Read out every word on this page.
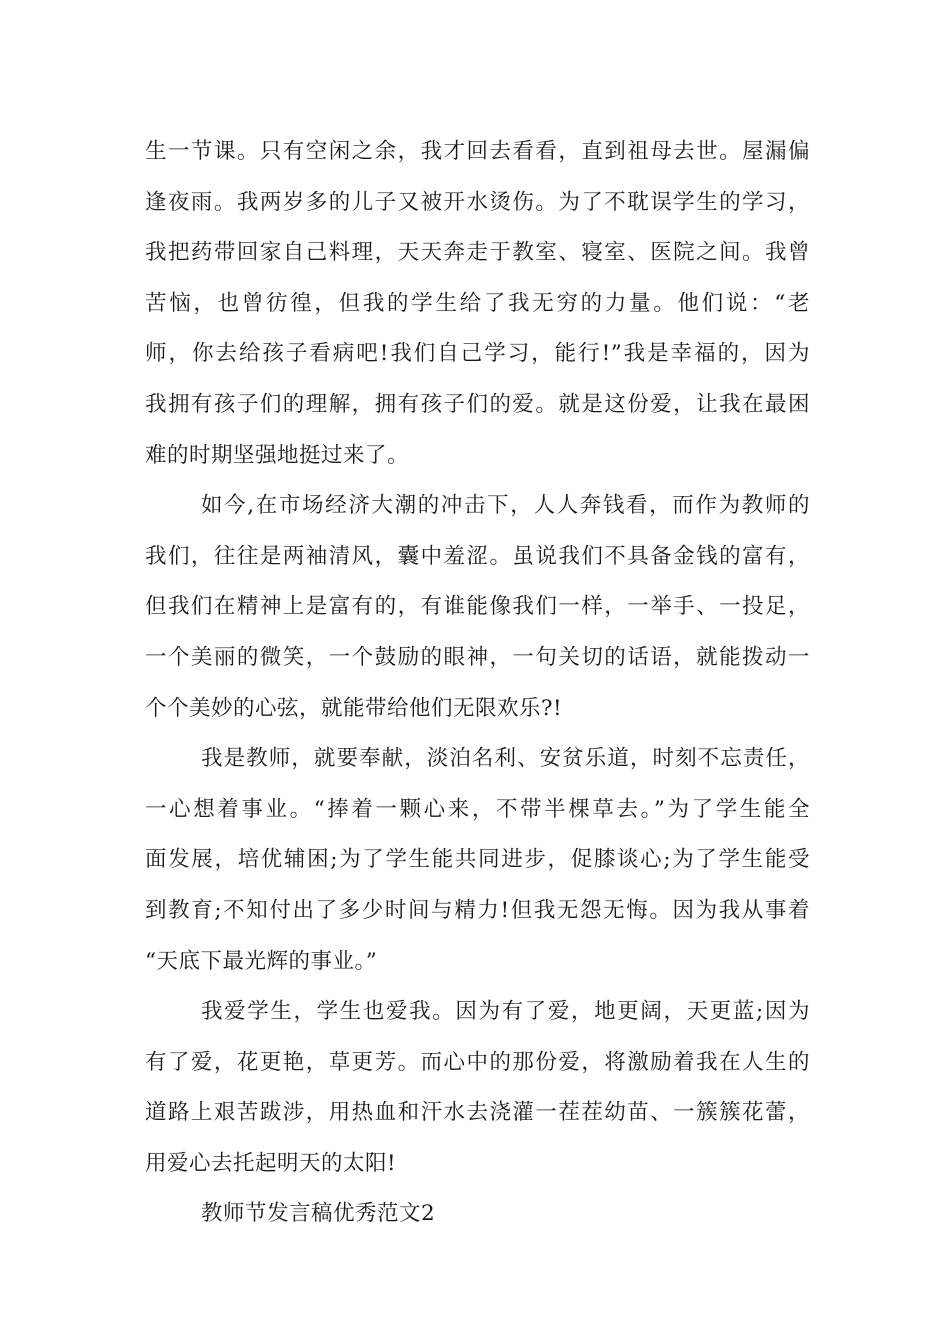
生一节课。只有空闲之余，我才回去看看，直到祖母去世。屋漏偏
逢夜雨。我两岁多的儿子又被开水烫伤。为了不耽误学生的学习，
我把药带回家自己料理，天天奔走于教室、寝室、医院之间。我曾
苦恼，也曾彷徨，但我的学生给了我无穷的力量。他们说：“老
师，你去给孩子看病吧!我们自己学习，能行!”我是幸福的，因为
我拥有孩子们的理解，拥有孩子们的爱。就是这份爱，让我在最困
难的时期坚强地挺过来了。
如今,在市场经济大潮的冲击下，人人奔钱看，而作为教师的
我们，往往是两袖清风，囊中羞涩。虽说我们不具备金钱的富有，
但我们在精神上是富有的，有谁能像我们一样，一举手、一投足，
一个美丽的微笑，一个鼓励的眼神，一句关切的话语，就能拨动一
个个美妙的心弦，就能带给他们无限欢乐?!
我是教师，就要奉献，淡泊名利、安贫乐道，时刻不忘责任，
一心想着事业。“捧着一颗心来，不带半棵草去。”为了学生能全
面发展，培优辅困;为了学生能共同进步，促膝谈心;为了学生能受
到教育;不知付出了多少时间与精力!但我无怨无悔。因为我从事着
“天底下最光辉的事业。”
我爱学生，学生也爱我。因为有了爱，地更阔，天更蓝;因为
有了爱，花更艳，草更芳。而心中的那份爱，将激励着我在人生的
道路上艰苦跋涉，用热血和汗水去浇灌一茬茬幼苗、一簇簇花蕾，
用爱心去托起明天的太阳!
教师节发言稿优秀范文2
